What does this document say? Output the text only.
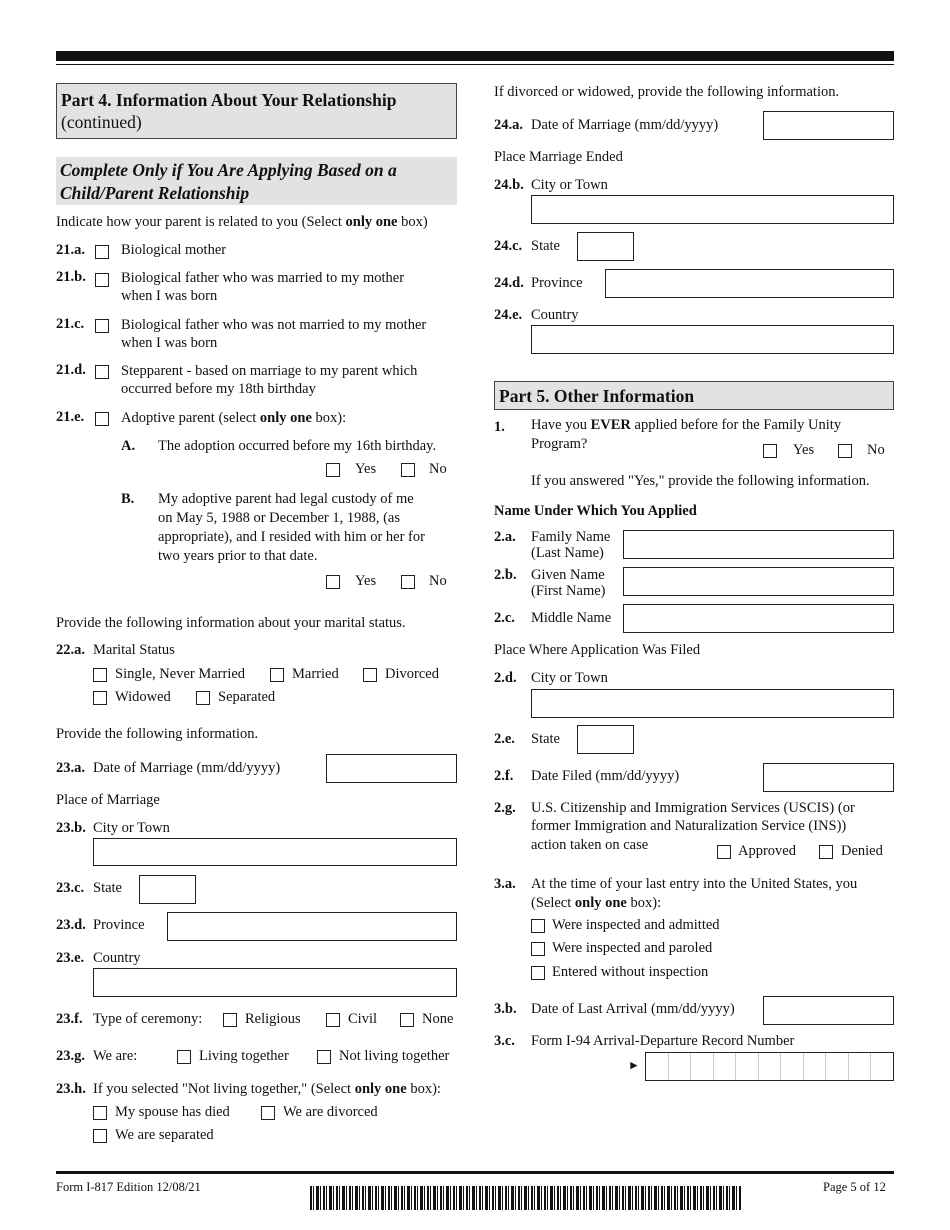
Part 4. Information About Your Relationship
(continued)
Complete Only if You Are Applying Based on a
Child/Parent Relationship
Indicate how your parent is related to you (Select only one box)
21.a. Biological mother
21.b. Biological father who was married to my mother
when I was born
21.c.	Biological father who was not married to my mother
when I was born
21.d. Stepparent - based on marriage to my parent which
occurred before my 18th birthday
21.e.	Adoptive parent (select only one box):
A. The adoption occurred before my 16th birthday.
Yes	No
B. My adoptive parent had legal custody of me
on May 5, 1988 or December 1, 1988, (as
appropriate), and I resided with him or her for
two years prior to that date.
Yes	No
Provide the following information about your marital status.
22.a. Marital Status
Single, Never Married	Married	Divorced
Widowed	Separated
Provide the following information.
23.a. Date of Marriage (mm/dd/yyyy)
Place of Marriage
23.b. City or Town
23.c. State
23.d. Province
23.e. Country
23.f. Type of ceremony:	Religious	Civil	None
23.g. We are:	Living together	Not living together
23.h. If you selected "Not living together," (Select only one box):
My spouse has died	We are divorced
We are separated
If divorced or widowed, provide the following information.
24.a. Date of Marriage (mm/dd/yyyy)
Place Marriage Ended
24.b. City or Town
24.c. State
24.d. Province
24.e. Country
Part 5. Other Information
1. Have you EVER applied before for the Family Unity
Program?	Yes	No
If you answered "Yes," provide the following information.
Name Under Which You Applied
2.a. Family Name
(Last Name)
2.b. Given Name
(First Name)
2.c. Middle Name
Place Where Application Was Filed
2.d. City or Town
2.e. State
2.f. Date Filed (mm/dd/yyyy)
2.g. U.S. Citizenship and Immigration Services (USCIS) (or
former Immigration and Naturalization Service (INS))
action taken on case	Approved	Denied
3.a. At the time of your last entry into the United States, you
(Select only one box):
Were inspected and admitted
Were inspected and paroled
Entered without inspection
3.b. Date of Last Arrival (mm/dd/yyyy)
3.c. Form I-94 Arrival-Departure Record Number
►
Form I-817 Edition 12/08/21	Page 5 of 12
